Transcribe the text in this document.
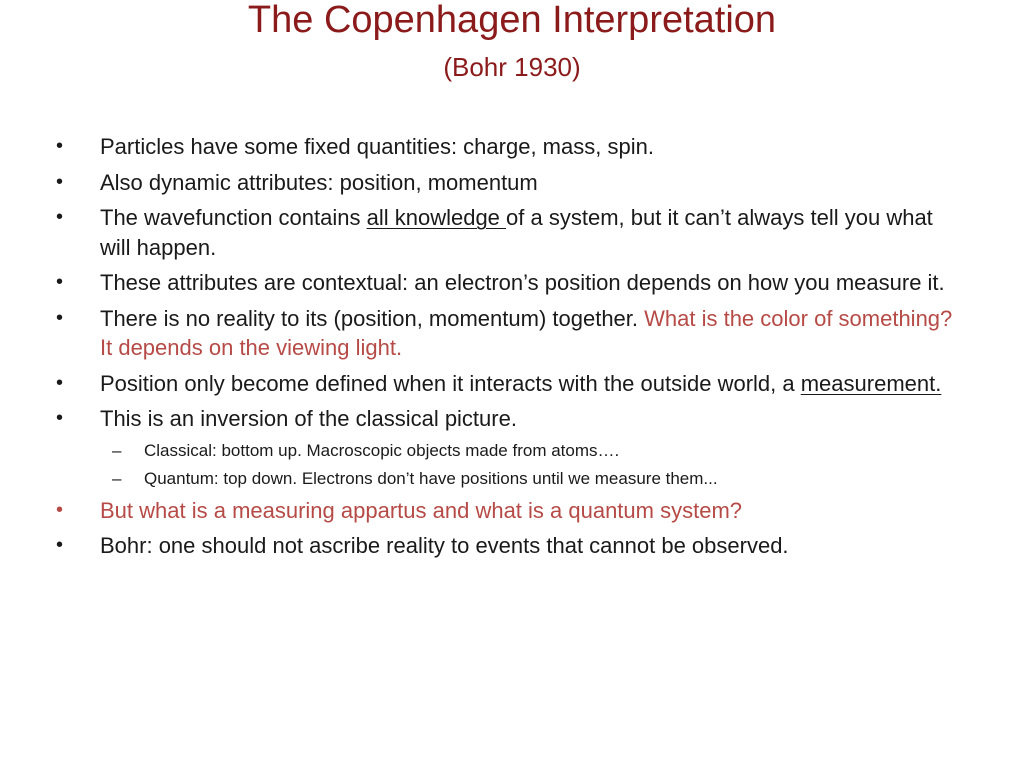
The Copenhagen Interpretation
(Bohr 1930)
•	Particles have some fixed quantities: charge, mass, spin.
•	Also dynamic attributes: position, momentum
•	The wavefunction contains all knowledge of a system, but it can’t always tell you what will happen.
•	These attributes are contextual: an electron’s position depends on how you measure it.
•	There is no reality to its (position, momentum) together. What is the color of something? It depends on the viewing light.
•	Position only become defined when it interacts with the outside world, a measurement.
•	This is an inversion of the classical picture.
– Classical: bottom up. Macroscopic objects made from atoms….
– Quantum: top down. Electrons don’t have positions until we measure them...
•	But what is a measuring appartus and what is a quantum system?
•	Bohr: one should not ascribe reality to events that cannot be observed.
